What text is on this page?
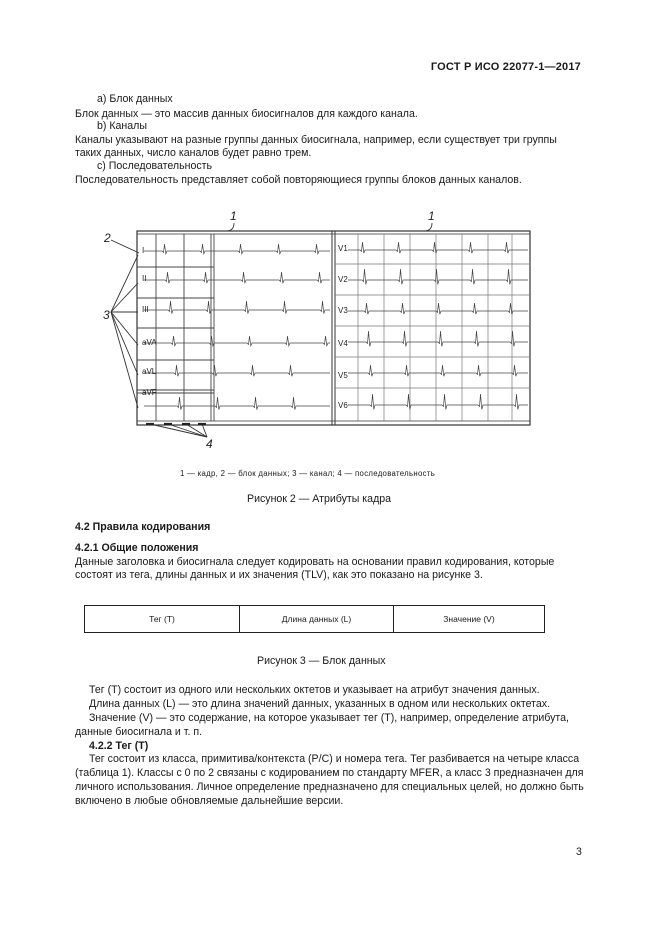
ГОСТ Р ИСО 22077-1—2017
a) Блок данных
Блок данных — это массив данных биосигналов для каждого канала.
b) Каналы
Каналы указывают на разные группы данных биосигнала, например, если существует три группы
таких данных, число каналов будет равно трем.
c) Последовательность
Последовательность представляет собой повторяющиеся группы блоков данных каналов.
I
II
III
aVA
aVL
aVF
V1
V2
V3
V4
V5
V6
1	1
2
3
4
1 — кадр, 2 — блок данных; 3 — канал; 4 — последовательность
Рисунок 2 — Атрибуты кадра
4.2 Правила кодирования
4.2.1 Общие положения
Данные заголовка и биосигнала следует кодировать на основании правил кодирования, которые
состоят из тега, длины данных и их значения (TLV), как это показано на рисунке 3.
Тег (Т)	Длина данных (L)	Значение (V)
Рисунок 3 — Блок данных
Тег (Т) состоит из одного или нескольких октетов и указывает на атрибут значения данных.
Длина данных (L) — это длина значений данных, указанных в одном или нескольких октетах.
Значение (V) — это содержание, на которое указывает тег (Т), например, определение атрибута,
данные биосигнала и т. п.
4.2.2 Тег (Т)
Тег состоит из класса, примитива/контекста (P/C) и номера тега. Тег разбивается на четыре класса
(таблица 1). Классы с 0 по 2 связаны с кодированием по стандарту MFER, а класс 3 предназначен для
личного использования. Личное определение предназначено для специальных целей, но должно быть
включено в любые обновляемые дальнейшие версии.
3
